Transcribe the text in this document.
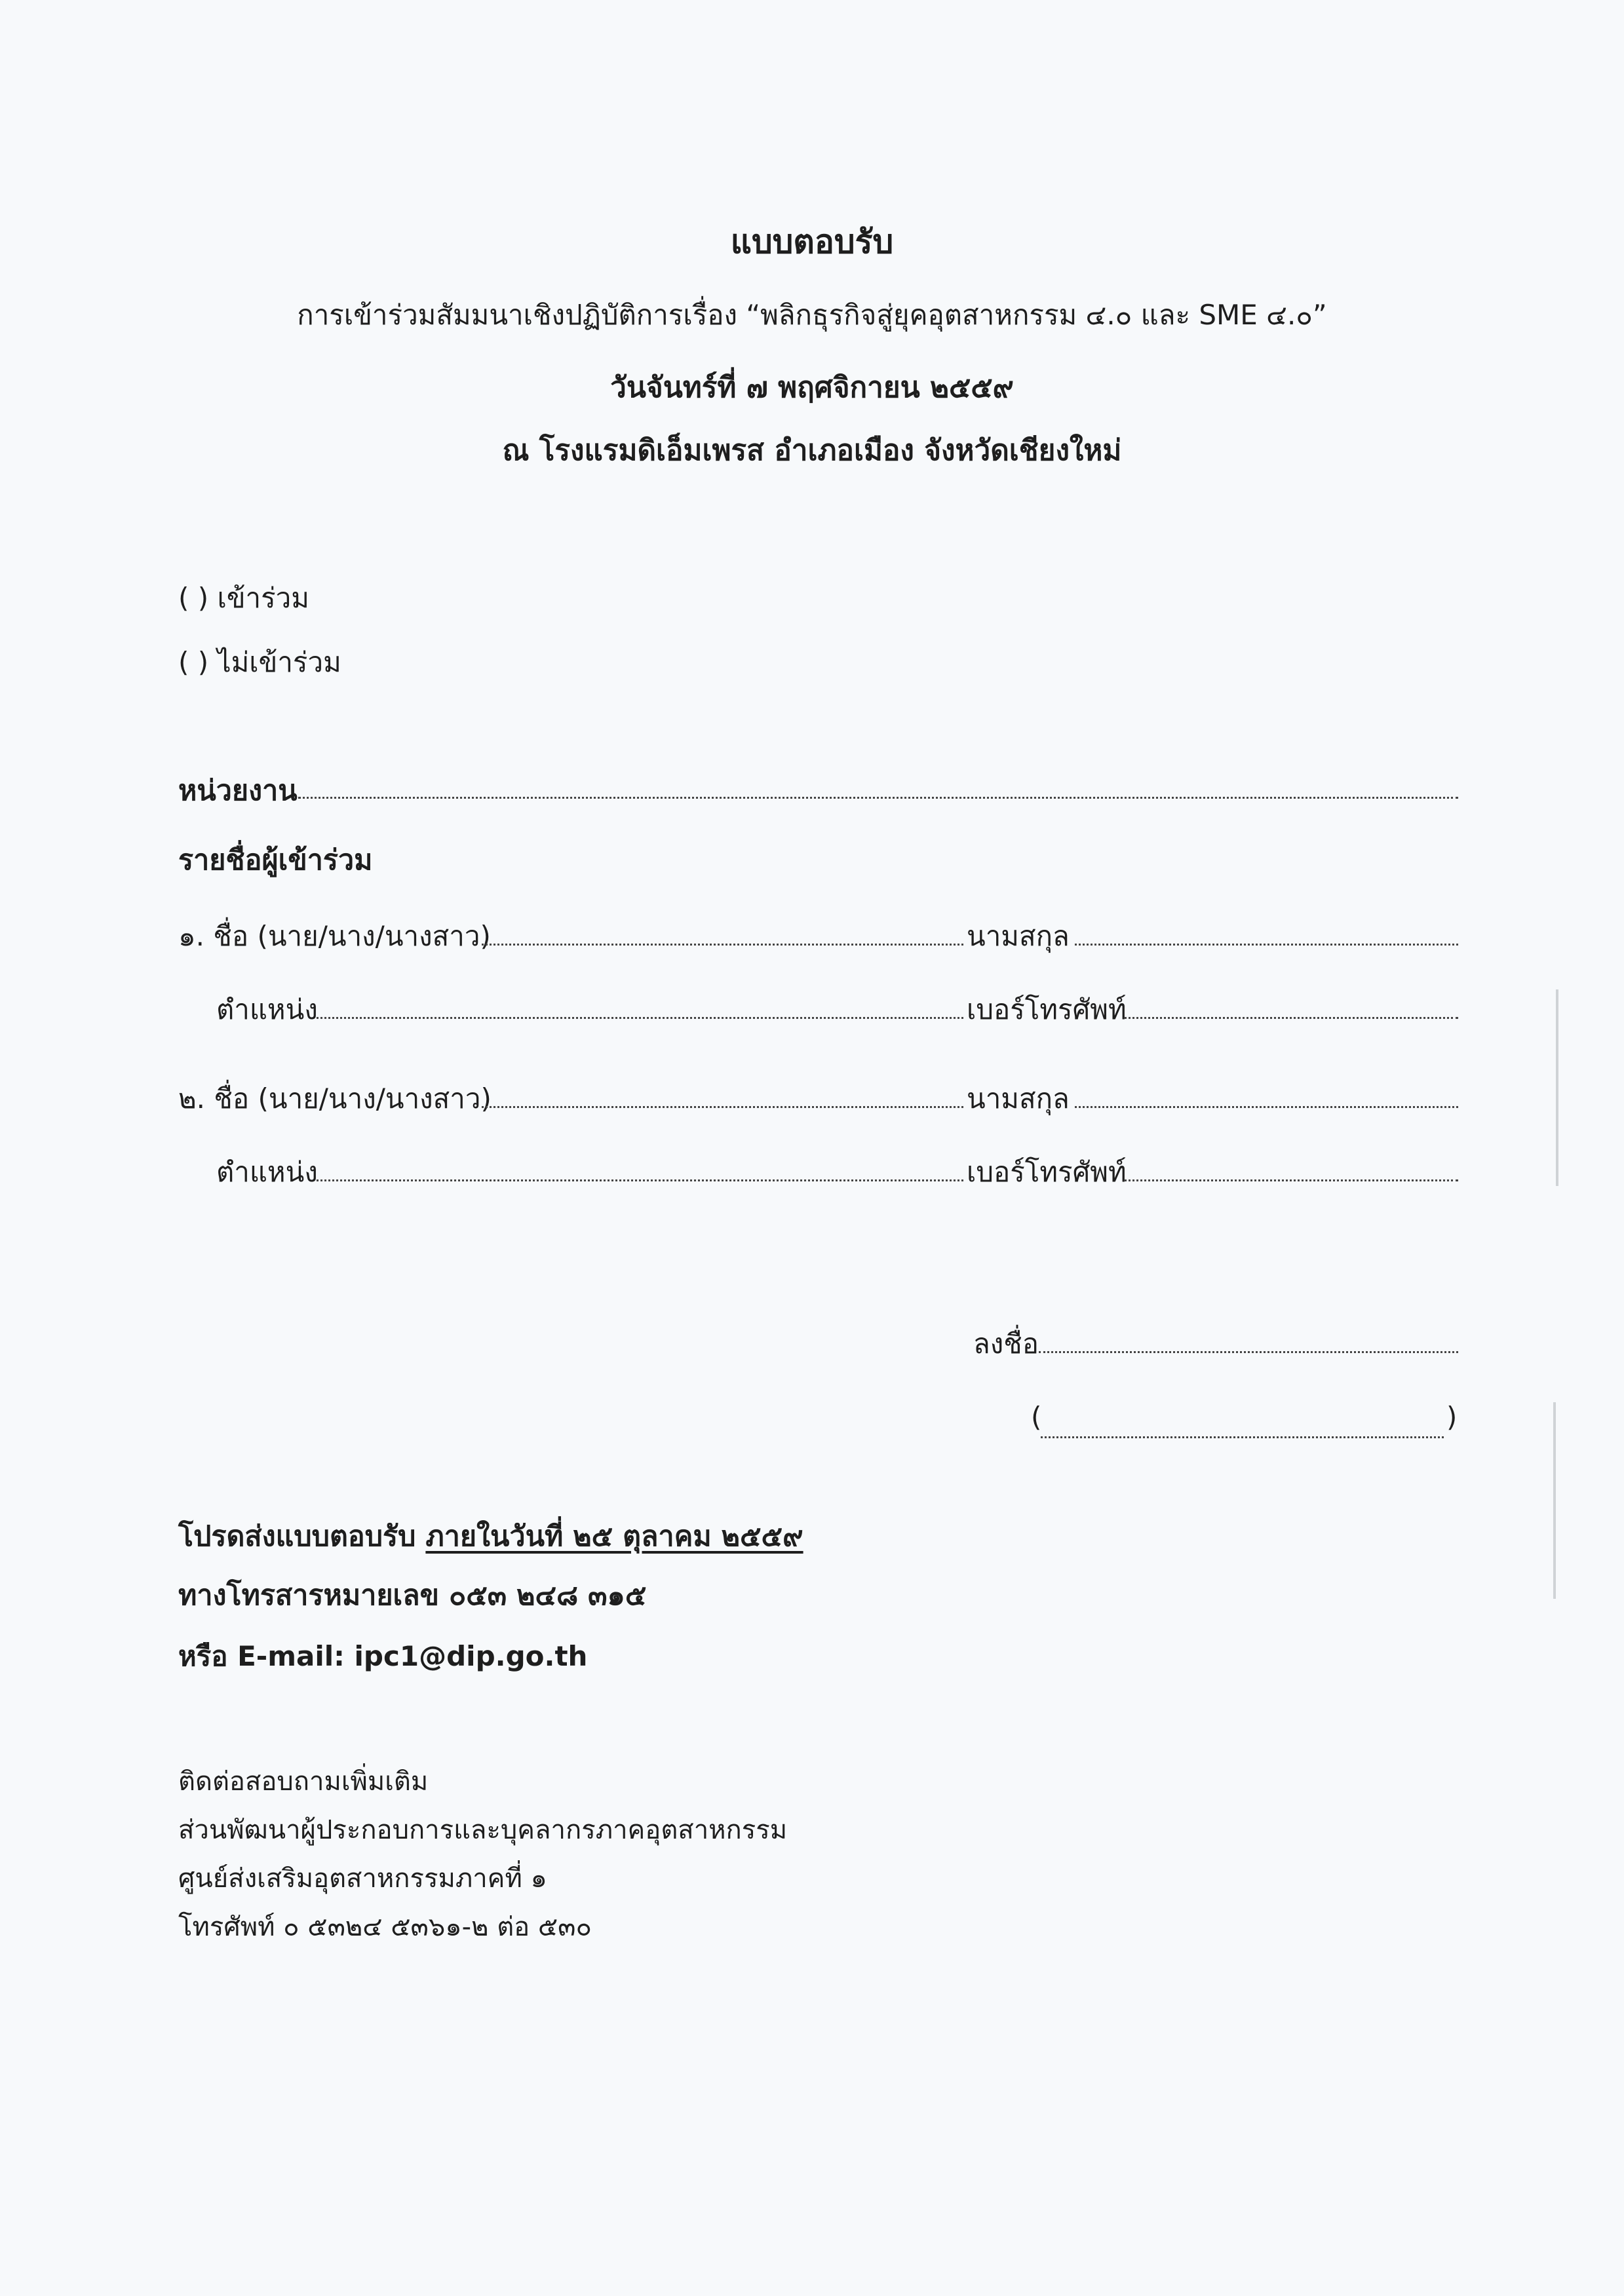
แบบตอบรับ
การเข้าร่วมสัมมนาเชิงปฏิบัติการเรื่อง “พลิกธุรกิจสู่ยุคอุตสาหกรรม ๔.๐ และ SME ๔.๐”
วันจันทร์ที่ ๗ พฤศจิกายน ๒๕๕๙
ณ โรงแรมดิเอ็มเพรส อำเภอเมือง จังหวัดเชียงใหม่
( ) เข้าร่วม
( ) ไม่เข้าร่วม
หน่วยงาน
รายชื่อผู้เข้าร่วม
๑. ชื่อ (นาย/นาง/นางสาว)	นามสกุล
ตำแหน่ง	เบอร์โทรศัพท์
๒. ชื่อ (นาย/นาง/นางสาว)	นามสกุล
ตำแหน่ง	เบอร์โทรศัพท์
ลงชื่อ
(	)
โปรดส่งแบบตอบรับ ภายในวันที่ ๒๕ ตุลาคม ๒๕๕๙
ทางโทรสารหมายเลข ๐๕๓ ๒๔๘ ๓๑๕
หรือ E-mail: ipc1@dip.go.th
ติดต่อสอบถามเพิ่มเติม
ส่วนพัฒนาผู้ประกอบการและบุคลากรภาคอุตสาหกรรม
ศูนย์ส่งเสริมอุตสาหกรรมภาคที่ ๑
โทรศัพท์ ๐ ๕๓๒๔ ๕๓๖๑-๒ ต่อ ๕๓๐
